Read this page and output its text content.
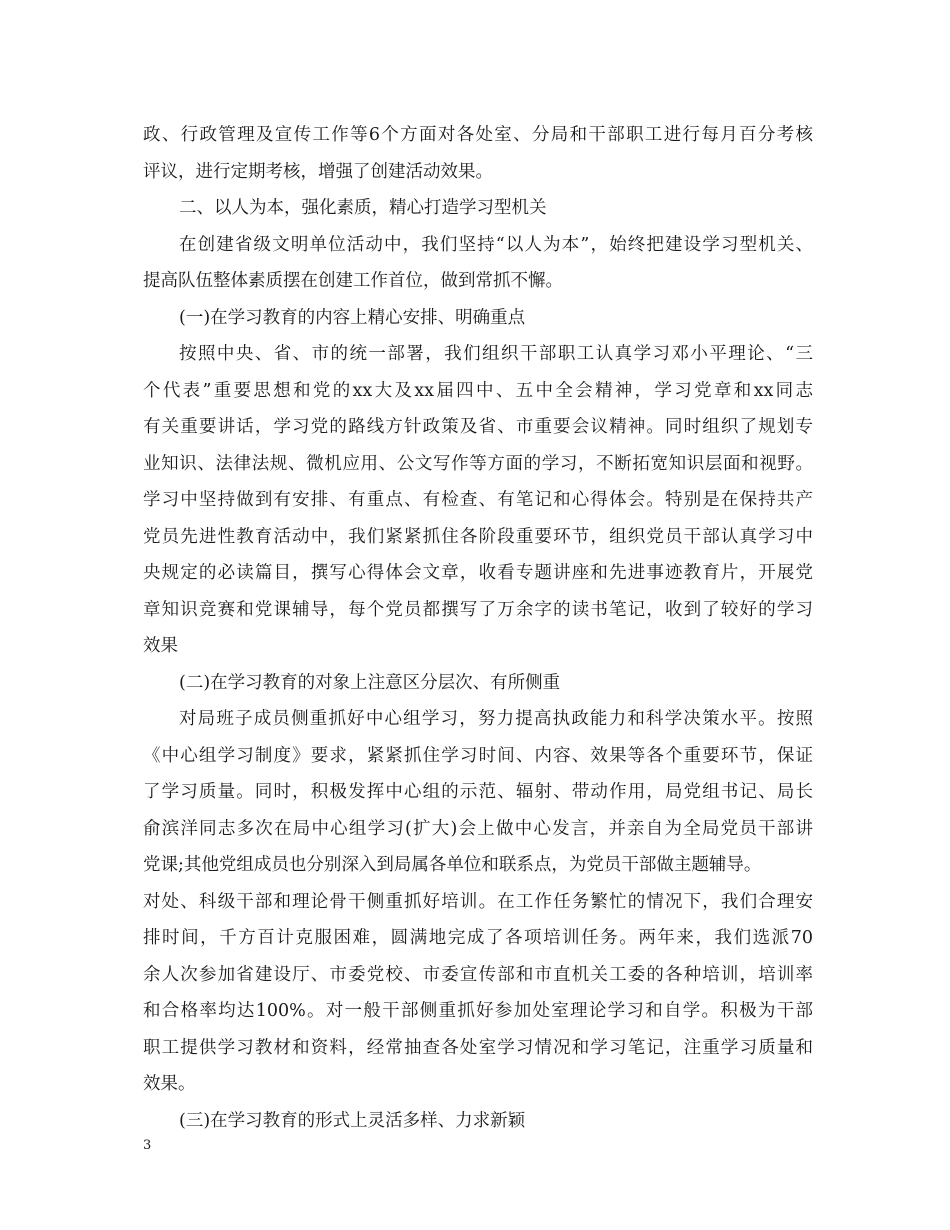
政、行政管理及宣传工作等6个方面对各处室、分局和干部职工进行每月百分考核
评议，进行定期考核，增强了创建活动效果。
二、以人为本，强化素质，精心打造学习型机关
在创建省级文明单位活动中，我们坚持“以人为本”，始终把建设学习型机关、
提高队伍整体素质摆在创建工作首位，做到常抓不懈。
(一)在学习教育的内容上精心安排、明确重点
按照中央、省、市的统一部署，我们组织干部职工认真学习邓小平理论、“三
个代表”重要思想和党的xx大及xx届四中、五中全会精神，学习党章和xx同志
有关重要讲话，学习党的路线方针政策及省、市重要会议精神。同时组织了规划专
业知识、法律法规、微机应用、公文写作等方面的学习，不断拓宽知识层面和视野。
学习中坚持做到有安排、有重点、有检查、有笔记和心得体会。特别是在保持共产
党员先进性教育活动中，我们紧紧抓住各阶段重要环节，组织党员干部认真学习中
央规定的必读篇目，撰写心得体会文章，收看专题讲座和先进事迹教育片，开展党
章知识竞赛和党课辅导，每个党员都撰写了万余字的读书笔记，收到了较好的学习
效果
(二)在学习教育的对象上注意区分层次、有所侧重
对局班子成员侧重抓好中心组学习，努力提高执政能力和科学决策水平。按照
《中心组学习制度》要求，紧紧抓住学习时间、内容、效果等各个重要环节，保证
了学习质量。同时，积极发挥中心组的示范、辐射、带动作用，局党组书记、局长
俞滨洋同志多次在局中心组学习(扩大)会上做中心发言，并亲自为全局党员干部讲
党课;其他党组成员也分别深入到局属各单位和联系点，为党员干部做主题辅导。
对处、科级干部和理论骨干侧重抓好培训。在工作任务繁忙的情况下，我们合理安
排时间，千方百计克服困难，圆满地完成了各项培训任务。两年来，我们选派70
余人次参加省建设厅、市委党校、市委宣传部和市直机关工委的各种培训，培训率
和合格率均达100%。对一般干部侧重抓好参加处室理论学习和自学。积极为干部
职工提供学习教材和资料，经常抽查各处室学习情况和学习笔记，注重学习质量和
效果。
(三)在学习教育的形式上灵活多样、力求新颖
3
